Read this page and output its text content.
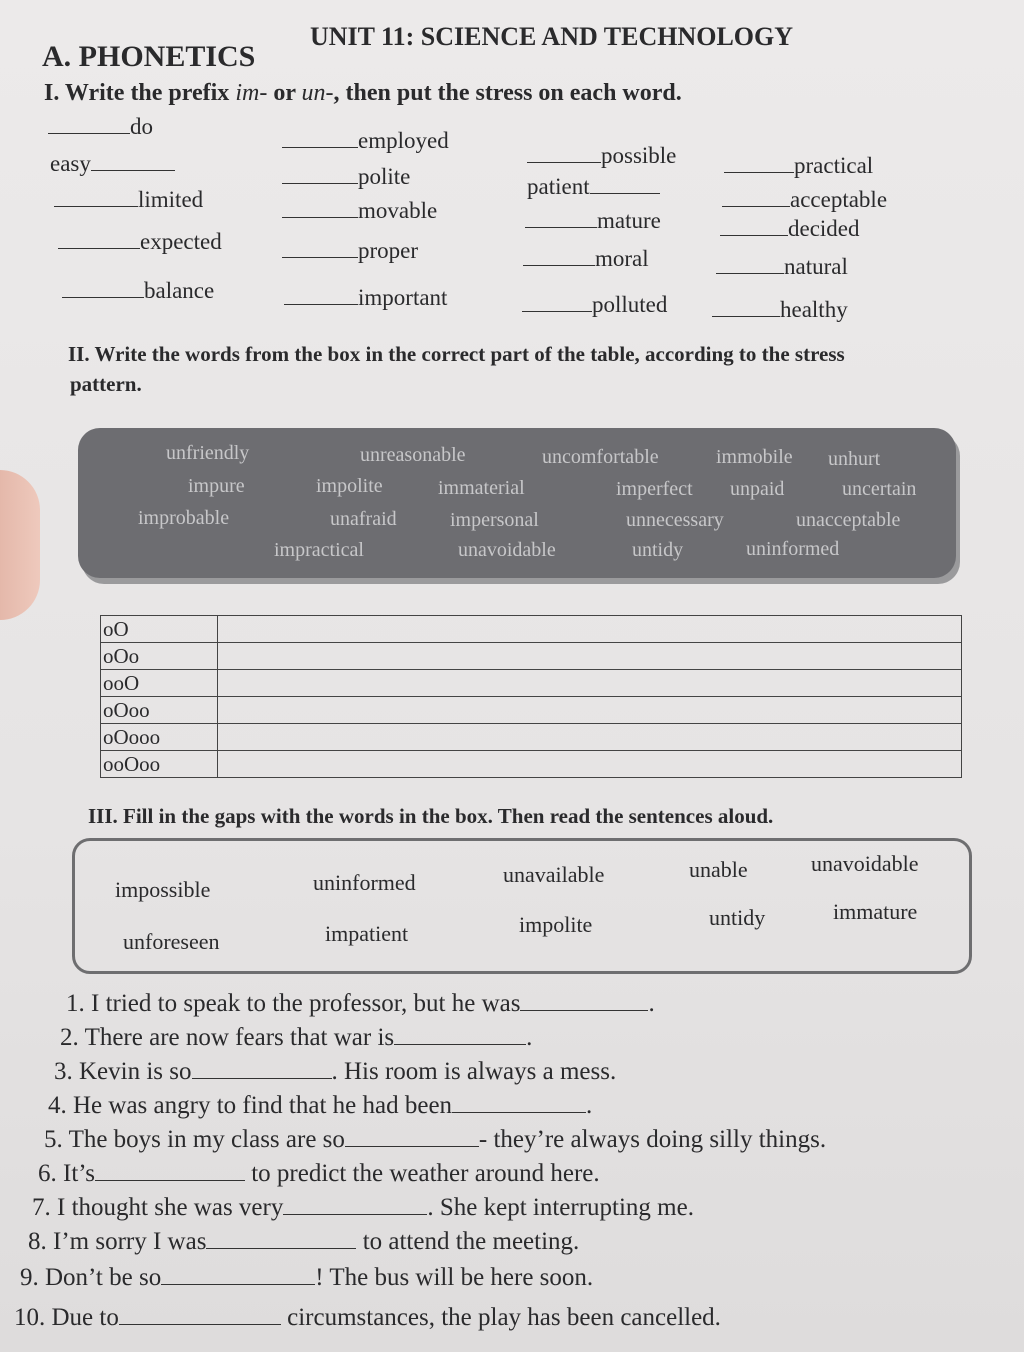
A. PHONETICS
UNIT 11: SCIENCE AND TECHNOLOGY
I. Write the prefix im- or un-, then put the stress on each word.
do
employed
possible	practical
easy
polite	patient
acceptable
limited	movable	mature	decided
expected	proper	moral	natural
balance	important	polluted	healthy
II. Write the words from the box in the correct part of the table, according to the stress
pattern.
unfriendly	unreasonable	uncomfortable	immobile unhurt
impure	impolite	immaterial	imperfect unpaid	uncertain
improbable	unafraid	impersonal	unnecessary	unacceptable
impractical	unavoidable	untidy	uninformed
oO	
oOo	
ooO	
oOoo	
oOooo	
ooOoo	
III. Fill in the gaps with the words in the box. Then read the sentences aloud.
impossible	uninformed	unavailable	unable	unavoidable
unforeseen	impatient	impolite	untidy	immature
1. I tried to speak to the professor, but he was	.
2. There are now fears that war is	.
3. Kevin is so	. His room is always a mess.
4. He was angry to find that he had been	.
5. The boys in my class are so	- they’re always doing silly things.
6. It’s	to predict the weather around here.
7. I thought she was very	. She kept interrupting me.
8. I’m sorry I was	to attend the meeting.
9. Don’t be so	! The bus will be here soon.
10. Due to	circumstances, the play has been cancelled.
